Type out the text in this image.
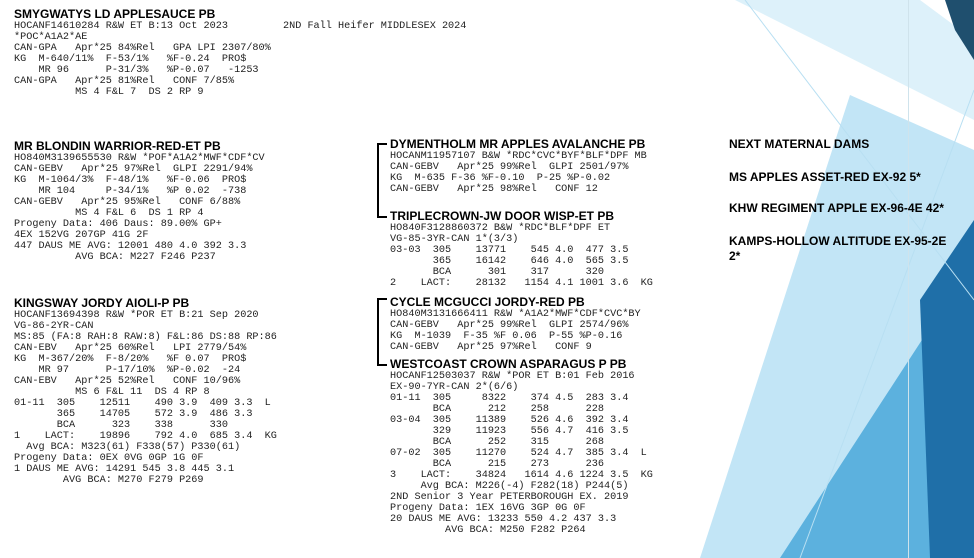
SMYGWATYS LD APPLESAUCE PB
HOCANF14610284 R&W ET B:13 Oct 2023         2ND Fall Heifer MIDDLESEX 2024
*POC*A1A2*AE
CAN-GPA   Apr*25 84%Rel   GPA LPI 2307/80%
KG  M-640/11%  F-53/1%   %F-0.24  PRO$
MR 96      P-31/3%   %P-0.07   -1253
CAN-GPA   Apr*25 81%Rel   CONF 7/85%
MS 4 F&L 7  DS 2 RP 9
MR BLONDIN WARRIOR-RED-ET PB
HO840M3139655530 R&W *POF*A1A2*MWF*CDF*CV
CAN-GEBV   Apr*25 97%Rel  GLPI 2291/94%
KG  M-1064/3%  F-48/1%   %F-0.06  PRO$
MR 104     P-34/1%   %P 0.02  -738
CAN-GEBV   Apr*25 95%Rel   CONF 6/88%
MS 4 F&L 6  DS 1 RP 4
Progeny Data: 406 Daus: 89.00% GP+
4EX 152VG 207GP 41G 2F
447 DAUS ME AVG: 12001 480 4.0 392 3.3
AVG BCA: M227 F246 P237
KINGSWAY JORDY AIOLI-P PB
HOCANF13694398 R&W *POR ET B:21 Sep 2020
VG-86-2YR-CAN
MS:85 (FA:8 RAH:8 RAW:8) F&L:86 DS:88 RP:86
CAN-EBV   Apr*25 60%Rel   LPI 2779/54%
KG  M-367/20%  F-8/20%   %F 0.07  PRO$
MR 97      P-17/10%  %P-0.02  -24
CAN-EBV   Apr*25 52%Rel   CONF 10/96%
MS 6 F&L 11  DS 4 RP 8
01-11  305    12511    490 3.9  409 3.3  L
365    14705    572 3.9  486 3.3
BCA      323    338      330
1    LACT:    19896    792 4.0  685 3.4  KG
Avg BCA: M323(61) F338(57) P330(61)
Progeny Data: 0EX 0VG 0GP 1G 0F
1 DAUS ME AVG: 14291 545 3.8 445 3.1
AVG BCA: M270 F279 P269
DYMENTHOLM MR APPLES AVALANCHE PB
HOCANM11957107 B&W *RDC*CVC*BYF*BLF*DPF MB
CAN-GEBV   Apr*25 99%Rel  GLPI 2501/97%
KG  M-635 F-36 %F-0.10  P-25 %P-0.02
CAN-GEBV   Apr*25 98%Rel   CONF 12
TRIPLECROWN-JW DOOR WISP-ET PB
HO840F3128860372 B&W *RDC*BLF*DPF ET
VG-85-3YR-CAN 1*(3/3)
03-03  305    13771    545 4.0  477 3.5
365    16142    646 4.0  565 3.5
BCA      301    317      320
2    LACT:    28132   1154 4.1 1001 3.6  KG
CYCLE MCGUCCI JORDY-RED PB
HO840M3131666411 R&W *A1A2*MWF*CDF*CVC*BY
CAN-GEBV   Apr*25 99%Rel  GLPI 2574/96%
KG  M-1039  F-35 %F 0.06  P-55 %P-0.16
CAN-GEBV   Apr*25 97%Rel   CONF 9
WESTCOAST CROWN ASPARAGUS P PB
HOCANF12503037 R&W *POR ET B:01 Feb 2016
EX-90-7YR-CAN 2*(6/6)
01-11  305     8322    374 4.5  283 3.4
BCA      212    258      228
03-04  305    11389    526 4.6  392 3.4
329    11923    556 4.7  416 3.5
BCA      252    315      268
07-02  305    11270    524 4.7  385 3.4  L
BCA      215    273      236
3    LACT:    34824   1614 4.6 1224 3.5  KG
Avg BCA: M226(-4) F282(18) P244(5)
2ND Senior 3 Year PETERBOROUGH EX. 2019
Progeny Data: 1EX 16VG 3GP 0G 0F
20 DAUS ME AVG: 13233 550 4.2 437 3.3
AVG BCA: M250 F282 P264
NEXT MATERNAL DAMS
MS APPLES ASSET-RED EX-92 5*
KHW REGIMENT APPLE EX-96-4E 42*
KAMPS-HOLLOW ALTITUDE EX-95-2E 2*
